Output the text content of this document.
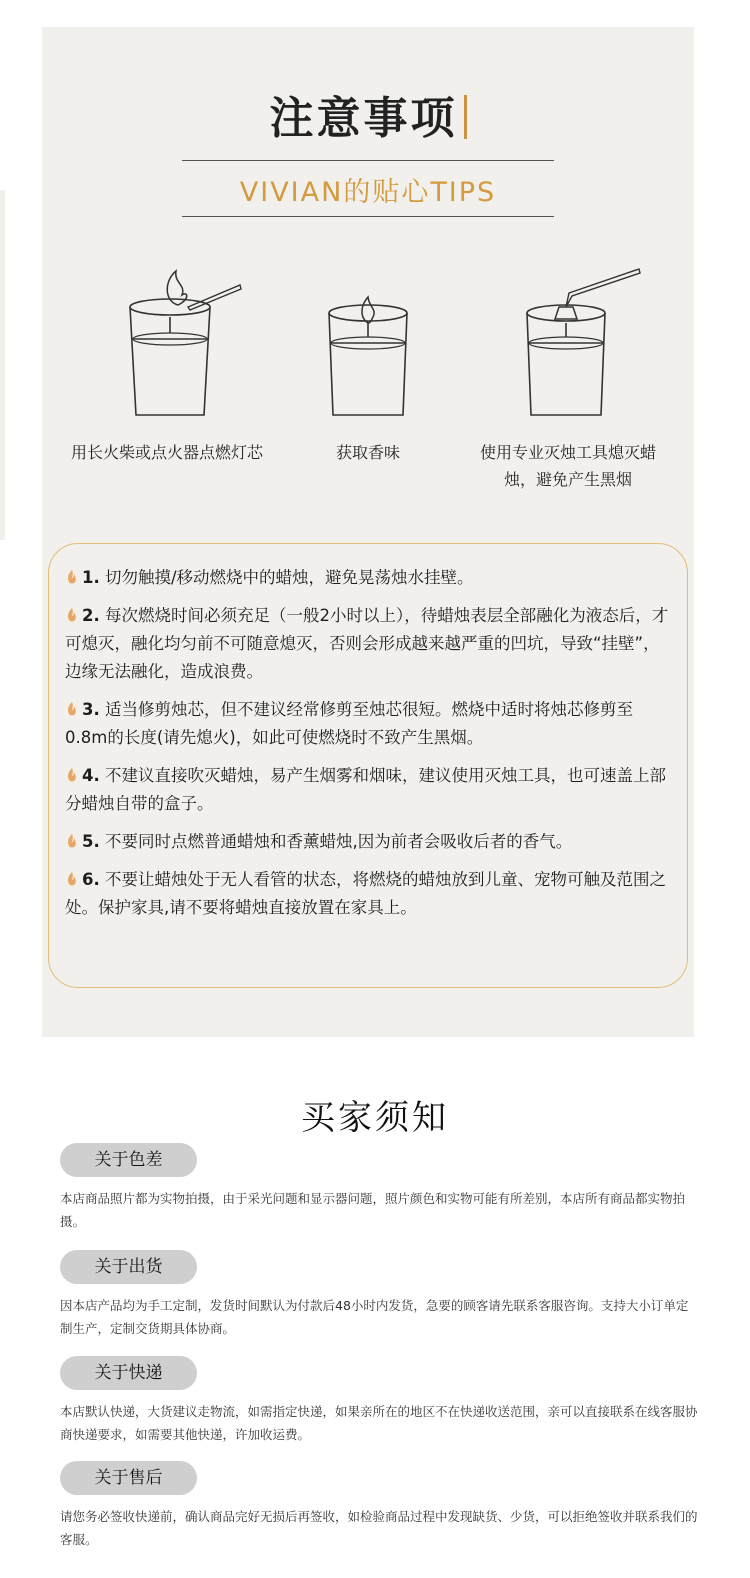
注意事项
VIVIAN的贴心TIPS
用长火柴或点火器点燃灯芯	获取香味	使用专业灭烛工具熄灭蜡烛，避免产生黑烟
1. 切勿触摸/移动燃烧中的蜡烛，避免晃荡烛水挂壁。
2. 每次燃烧时间必须充足（一般2小时以上），待蜡烛表层全部融化为液态后，才可熄灭，融化均匀前不可随意熄灭，否则会形成越来越严重的凹坑，导致“挂壁”，边缘无法融化，造成浪费。
3. 适当修剪烛芯，但不建议经常修剪至烛芯很短。燃烧中适时将烛芯修剪至0.8m的长度(请先熄火)，如此可使燃烧时不致产生黑烟。
4. 不建议直接吹灭蜡烛，易产生烟雾和烟味，建议使用灭烛工具，也可速盖上部分蜡烛自带的盒子。
5. 不要同时点燃普通蜡烛和香薰蜡烛,因为前者会吸收后者的香气。
6. 不要让蜡烛处于无人看管的状态，将燃烧的蜡烛放到儿童、宠物可触及范围之处。保护家具,请不要将蜡烛直接放置在家具上。
买家须知
关于色差
本店商品照片都为实物拍摄，由于采光问题和显示器问题，照片颜色和实物可能有所差别，本店所有商品都实物拍摄。
关于出货
因本店产品均为手工定制，发货时间默认为付款后48小时内发货，急要的顾客请先联系客服咨询。支持大小订单定制生产，定制交货期具体协商。
关于快递
本店默认快递，大货建议走物流，如需指定快递，如果亲所在的地区不在快递收送范围，亲可以直接联系在线客服协商快递要求，如需要其他快递，许加收运费。
关于售后
请您务必签收快递前，确认商品完好无损后再签收，如检验商品过程中发现缺货、少货，可以拒绝签收并联系我们的客服。
